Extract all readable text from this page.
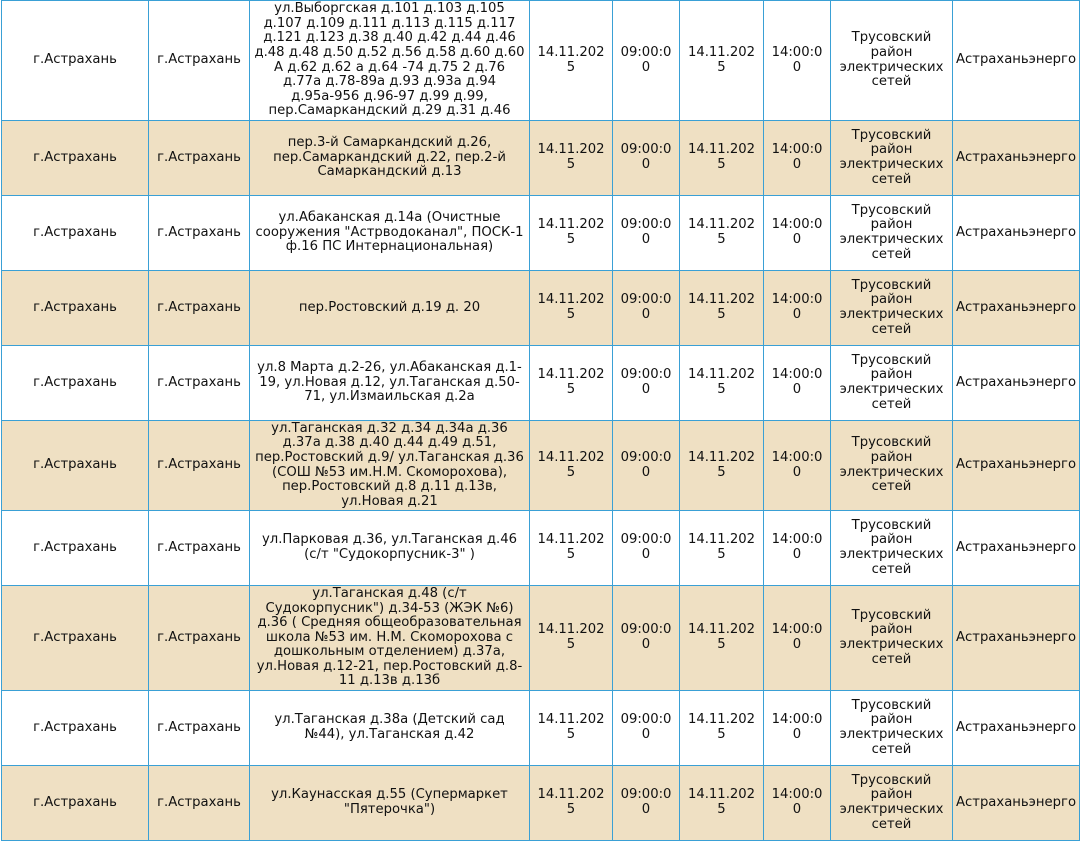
г.Астрахань	г.Астрахань	ул.Выборгская д.101 д.103 д.105 д.107 д.109 д.111 д.113 д.115 д.117 д.121 д.123 д.38 д.40 д.42 д.44 д.46 д.48 д.48 д.50 д.52 д.56 д.58 д.60 д.60 А д.62 д.62 а д.64 -74 д.75 2 д.76 д.77а д.78-89а д.93 д.93а д.94 д.95а-956 д.96-97 д.99 д.99, пер.Самаркандский д.29 д.31 д.46	14.11.2025	09:00:00	14.11.2025	14:00:00	Трусовский район электрических сетей	Астраханьэнерго
г.Астрахань	г.Астрахань	пер.3-й Самаркандский д.26, пер.Самаркандский д.22, пер.2-й Самаркандский д.13	14.11.2025	09:00:00	14.11.2025	14:00:00	Трусовский район электрических сетей	Астраханьэнерго
г.Астрахань	г.Астрахань	ул.Абаканская д.14а (Очистные сооружения "Астрводоканал", ПОСК-1 ф.16 ПС Интернациональная)	14.11.2025	09:00:00	14.11.2025	14:00:00	Трусовский район электрических сетей	Астраханьэнерго
г.Астрахань	г.Астрахань	пер.Ростовский д.19 д. 20	14.11.2025	09:00:00	14.11.2025	14:00:00	Трусовский район электрических сетей	Астраханьэнерго
г.Астрахань	г.Астрахань	ул.8 Марта д.2-26, ул.Абаканская д.1-19, ул.Новая д.12, ул.Таганская д.50-71, ул.Измаильская д.2а	14.11.2025	09:00:00	14.11.2025	14:00:00	Трусовский район электрических сетей	Астраханьэнерго
г.Астрахань	г.Астрахань	ул.Таганская д.32 д.34 д.34а д.36 д.37а д.38 д.40 д.44 д.49 д.51, пер.Ростовский д.9/ ул.Таганская д.36 (СОШ №53 им.Н.М. Скоморохова), пер.Ростовский д.8 д.11 д.13в, ул.Новая д.21	14.11.2025	09:00:00	14.11.2025	14:00:00	Трусовский район электрических сетей	Астраханьэнерго
г.Астрахань	г.Астрахань	ул.Парковая д.36, ул.Таганская д.46 (с/т "Судокорпусник-3" )	14.11.2025	09:00:00	14.11.2025	14:00:00	Трусовский район электрических сетей	Астраханьэнерго
г.Астрахань	г.Астрахань	ул.Таганская д.48 (с/т Судокорпусник") д.34-53 (ЖЭК №6) д.36 ( Средняя общеобразовательная школа №53 им. Н.М. Скоморохова с дошкольным отделением) д.37а, ул.Новая д.12-21, пер.Ростовский д.8-11 д.13в д.13б	14.11.2025	09:00:00	14.11.2025	14:00:00	Трусовский район электрических сетей	Астраханьэнерго
г.Астрахань	г.Астрахань	ул.Таганская д.38а (Детский сад №44), ул.Таганская д.42	14.11.2025	09:00:00	14.11.2025	14:00:00	Трусовский район электрических сетей	Астраханьэнерго
г.Астрахань	г.Астрахань	ул.Каунасская д.55 (Супермаркет "Пятерочка")	14.11.2025	09:00:00	14.11.2025	14:00:00	Трусовский район электрических сетей	Астраханьэнерго
